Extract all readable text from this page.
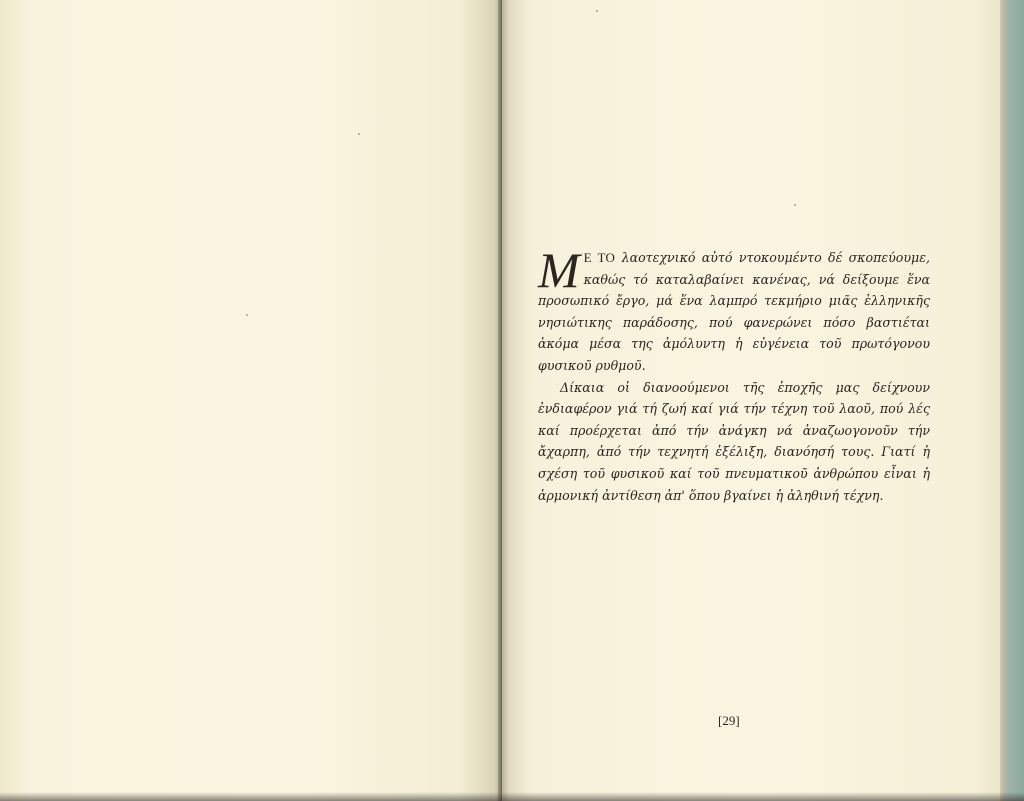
M Ε ΤΟ λαοτεχνικό αὐτό ντοκουμέντο δέ σκοπεύουμε, καθώς τό καταλαβαίνει κανένας, νά δείξουμε ἕνα προσωπικό ἔργο, μά ἕνα λαμπρό τεκμήριο μιᾶς ἑλληνικῆς νησιώτικης παράδοσης, πού φανερώνει πόσο βαστιέται ἀκόμα μέσα της ἀμόλυντη ἡ εὐγένεια τοῦ πρωτόγονου φυσικοῦ ρυθμοῦ.

Δίκαια οἱ διανοούμενοι τῆς ἐποχῆς μας δείχνουν ἐνδιαφέρον γιά τή ζωή καί γιά τήν τέχνη τοῦ λαοῦ, πού λές καί προέρχεται ἀπό τήν ἀνάγκη νά ἀναζωογονοῦν τήν ἄχαρπη, ἀπό τήν τεχνητή ἐξέλιξη, διανόησή τους. Γιατί ἡ σχέση τοῦ φυσικοῦ καί τοῦ πνευματικοῦ ἀνθρώπου εἶναι ἡ ἁρμονική ἀντίθεση ἀπ' ὅπου βγαίνει ἡ ἀληθινή τέχνη.

[29]
